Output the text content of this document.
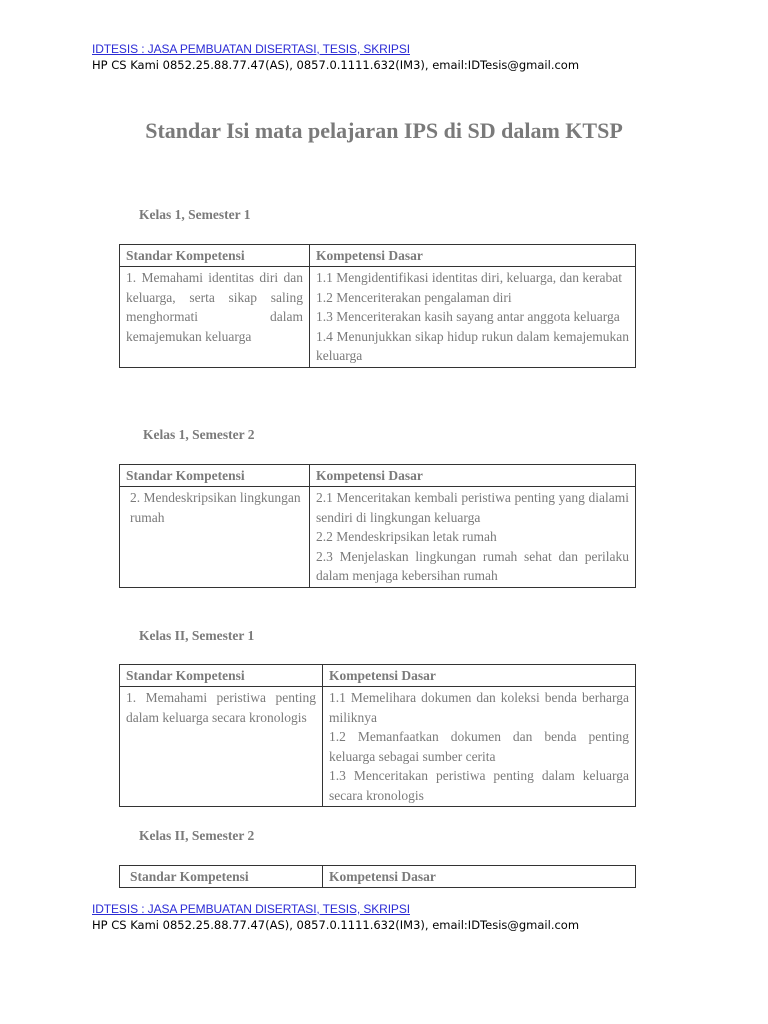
IDTESIS : JASA PEMBUATAN DISERTASI, TESIS, SKRIPSI
HP CS Kami 0852.25.88.77.47(AS), 0857.0.1111.632(IM3), email:IDTesis@gmail.com
Standar Isi mata pelajaran IPS di SD dalam KTSP
Kelas 1, Semester 1
Standar Kompetensi	Kompetensi Dasar
1. Memahami identitas diri dan keluarga, serta sikap saling menghormati dalam kemajemukan keluarga	1.1 Mengidentifikasi identitas diri, keluarga, dan kerabat
1.2 Menceriterakan pengalaman diri
1.3 Menceriterakan kasih sayang antar anggota keluarga
1.4 Menunjukkan sikap hidup rukun dalam kemajemukan keluarga
Kelas 1, Semester 2
Standar Kompetensi	Kompetensi Dasar
2. Mendeskripsikan lingkungan rumah	2.1 Menceritakan kembali peristiwa penting yang dialami sendiri di lingkungan keluarga
2.2 Mendeskripsikan letak rumah
2.3 Menjelaskan lingkungan rumah sehat dan perilaku dalam menjaga kebersihan rumah
Kelas II, Semester 1
Standar Kompetensi	Kompetensi Dasar
1. Memahami peristiwa penting dalam keluarga secara kronologis	1.1 Memelihara dokumen dan koleksi benda berharga miliknya
1.2 Memanfaatkan dokumen dan benda penting keluarga sebagai sumber cerita
1.3 Menceritakan peristiwa penting dalam keluarga secara kronologis
Kelas II, Semester 2
Standar Kompetensi	Kompetensi Dasar
IDTESIS : JASA PEMBUATAN DISERTASI, TESIS, SKRIPSI
HP CS Kami 0852.25.88.77.47(AS), 0857.0.1111.632(IM3), email:IDTesis@gmail.com
